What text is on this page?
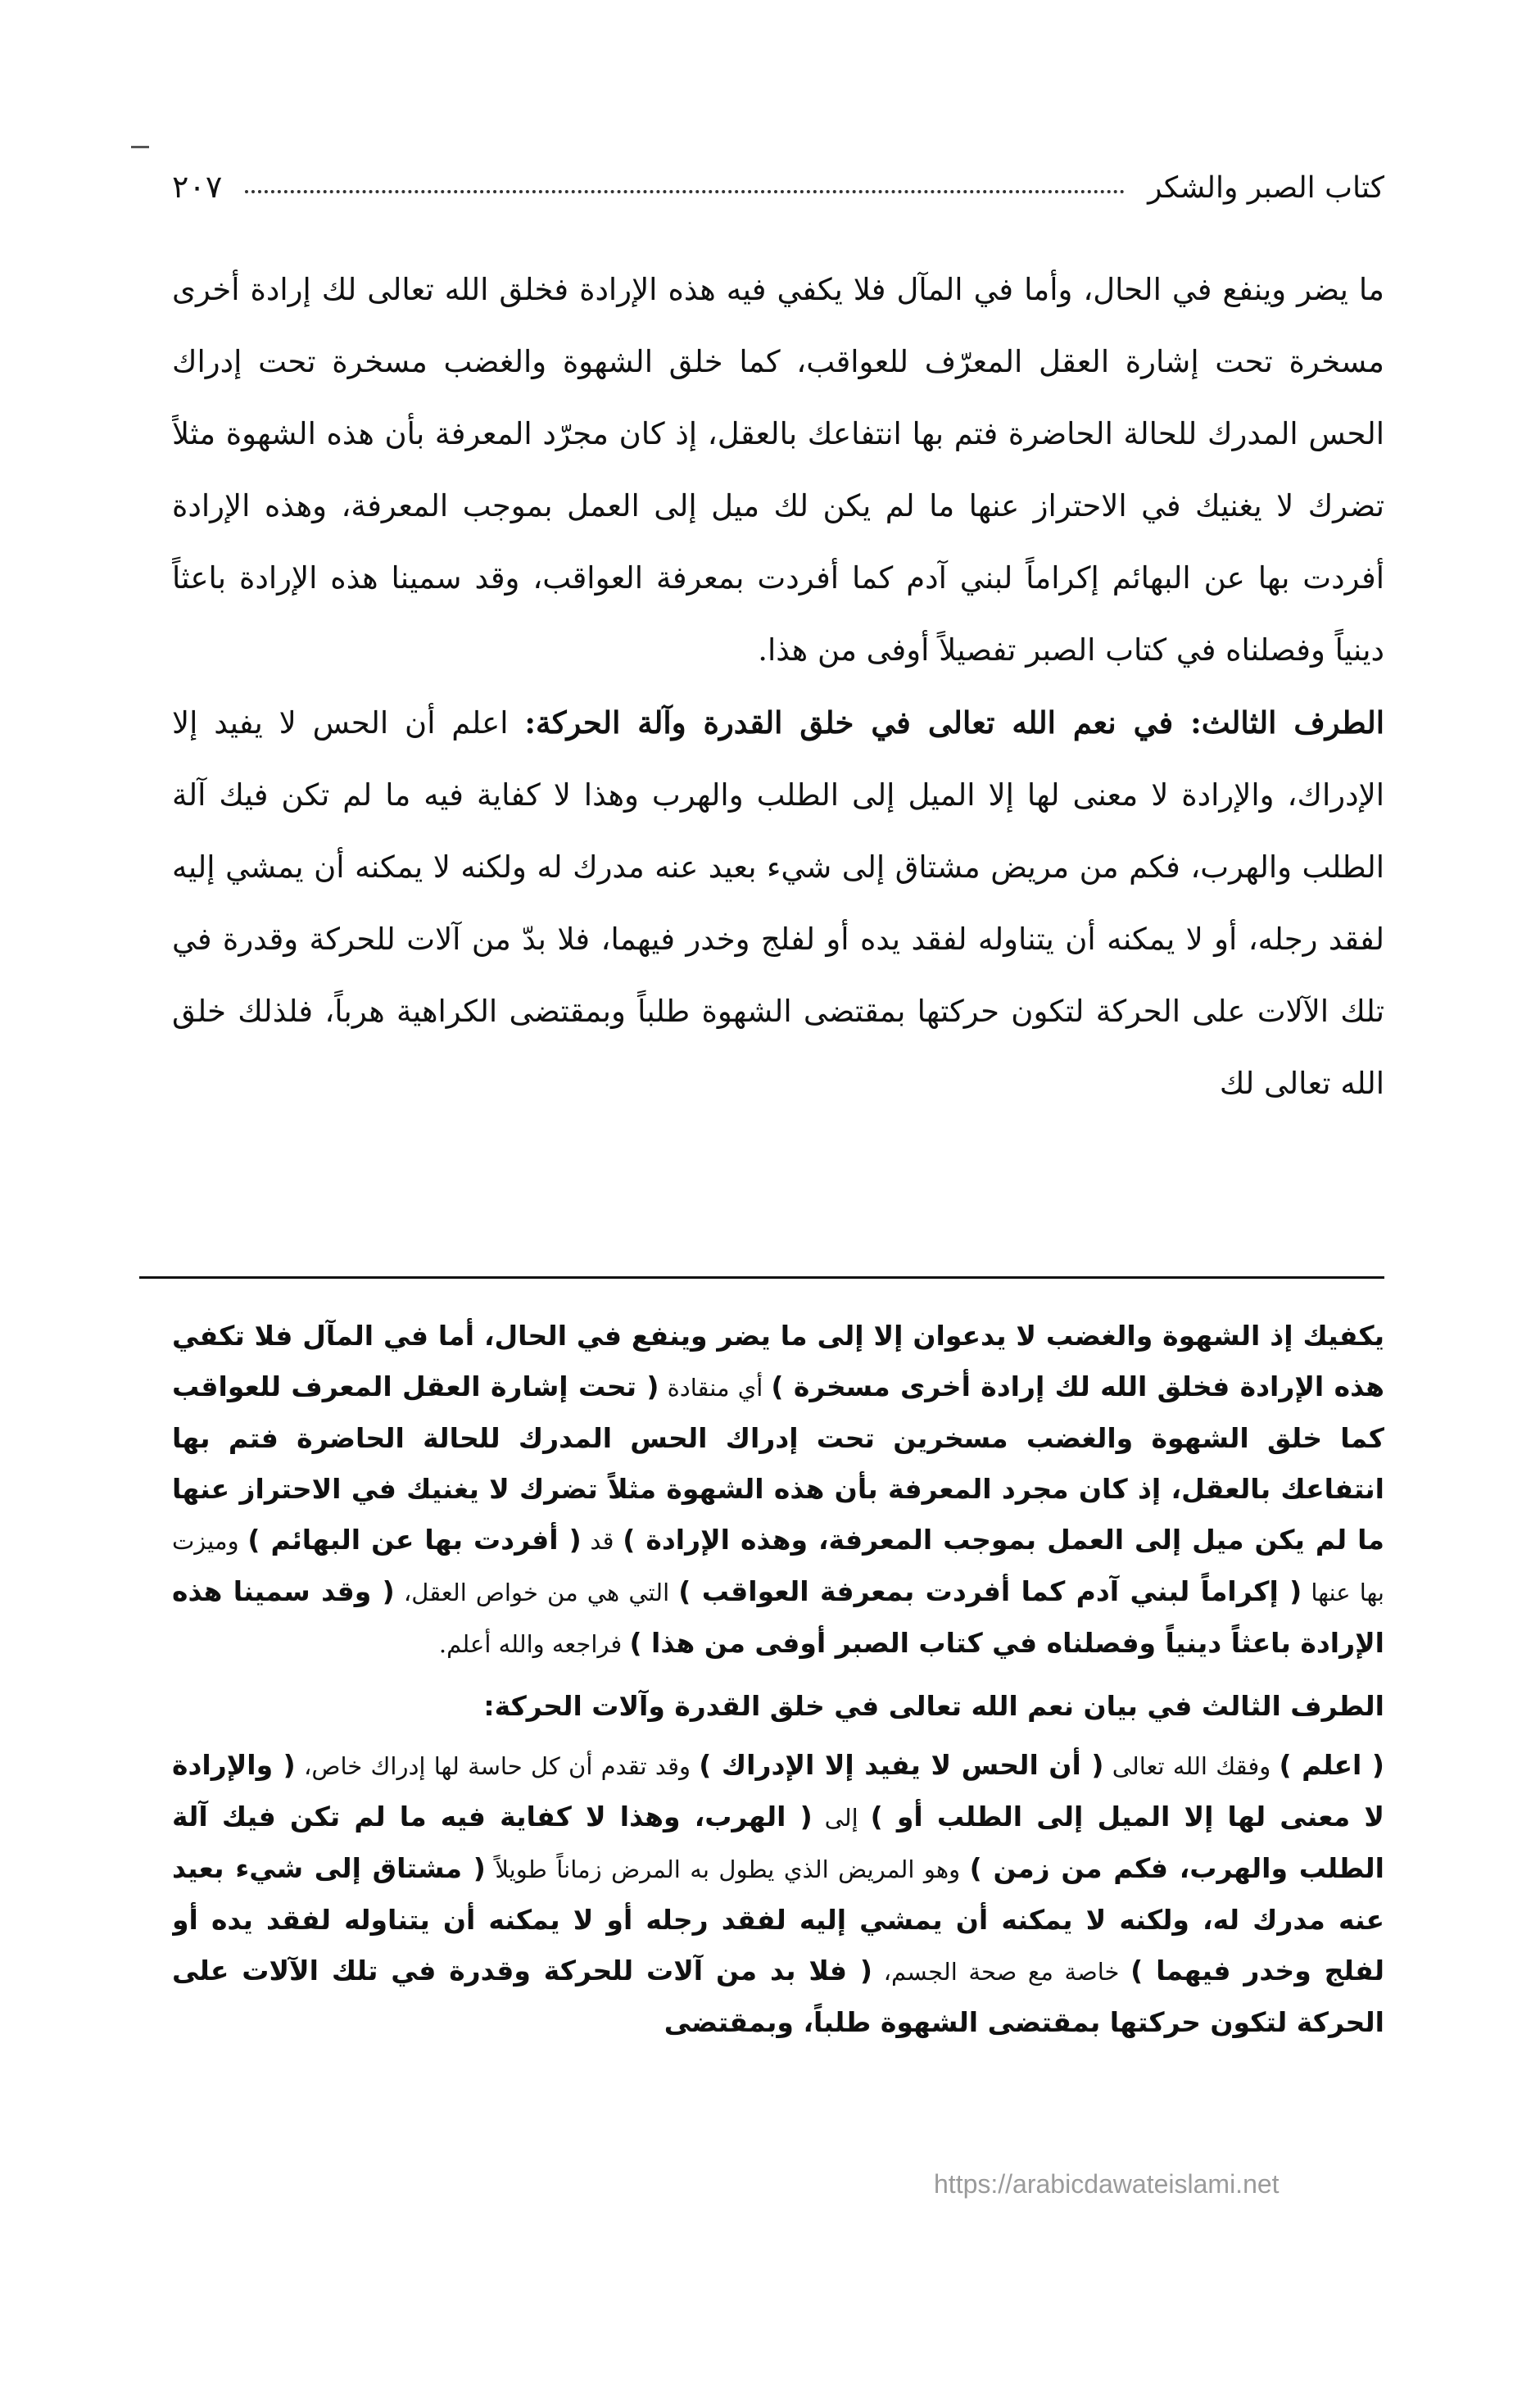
كتاب الصبر والشكر
٢٠٧

ما يضر وينفع في الحال، وأما في المآل فلا يكفي فيه هذه الإرادة فخلق الله تعالى لك إرادة أخرى مسخرة تحت إشارة العقل المعرّف للعواقب، كما خلق الشهوة والغضب مسخرة تحت إدراك الحس المدرك للحالة الحاضرة فتم بها انتفاعك بالعقل، إذ كان مجرّد المعرفة بأن هذه الشهوة مثلاً تضرك لا يغنيك في الاحتراز عنها ما لم يكن لك ميل إلى العمل بموجب المعرفة، وهذه الإرادة أفردت بها عن البهائم إكراماً لبني آدم كما أفردت بمعرفة العواقب، وقد سمينا هذه الإرادة باعثاً دينياً وفصلناه في كتاب الصبر تفصيلاً أوفى من هذا.

الطرف الثالث: في نعم الله تعالى في خلق القدرة وآلة الحركة: اعلم أن الحس لا يفيد إلا الإدراك، والإرادة لا معنى لها إلا الميل إلى الطلب والهرب وهذا لا كفاية فيه ما لم تكن فيك آلة الطلب والهرب، فكم من مريض مشتاق إلى شيء بعيد عنه مدرك له ولكنه لا يمكنه أن يمشي إليه لفقد رجله، أو لا يمكنه أن يتناوله لفقد يده أو لفلج وخدر فيهما، فلا بدّ من آلات للحركة وقدرة في تلك الآلات على الحركة لتكون حركتها بمقتضى الشهوة طلباً وبمقتضى الكراهية هرباً، فلذلك خلق الله تعالى لك

يكفيك إذ الشهوة والغضب لا يدعوان إلا إلى ما يضر وينفع في الحال، أما في المآل فلا تكفي هذه الإرادة فخلق الله لك إرادة أخرى مسخرة ) أي منقادة ( تحت إشارة العقل المعرف للعواقب كما خلق الشهوة والغضب مسخرين تحت إدراك الحس المدرك للحالة الحاضرة فتم بها انتفاعك بالعقل، إذ كان مجرد المعرفة بأن هذه الشهوة مثلاً تضرك لا يغنيك في الاحتراز عنها ما لم يكن ميل إلى العمل بموجب المعرفة، وهذه الإرادة ) قد ( أفردت بها عن البهائم ) وميزت بها عنها ( إكراماً لبني آدم كما أفردت بمعرفة العواقب ) التي هي من خواص العقل، ( وقد سمينا هذه الإرادة باعثاً دينياً وفصلناه في كتاب الصبر أوفى من هذا ) فراجعه والله أعلم.

الطرف الثالث في بيان نعم الله تعالى في خلق القدرة وآلات الحركة:

( اعلم ) وفقك الله تعالى ( أن الحس لا يفيد إلا الإدراك ) وقد تقدم أن كل حاسة لها إدراك خاص، ( والإرادة لا معنى لها إلا الميل إلى الطلب أو ) إلى ( الهرب، وهذا لا كفاية فيه ما لم تكن فيك آلة الطلب والهرب، فكم من زمن ) وهو المريض الذي يطول به المرض زماناً طويلاً ( مشتاق إلى شيء بعيد عنه مدرك له، ولكنه لا يمكنه أن يمشي إليه لفقد رجله أو لا يمكنه أن يتناوله لفقد يده أو لفلج وخدر فيهما ) خاصة مع صحة الجسم، ( فلا بد من آلات للحركة وقدرة في تلك الآلات على الحركة لتكون حركتها بمقتضى الشهوة طلباً، وبمقتضى

https://arabicdawateislami.net
